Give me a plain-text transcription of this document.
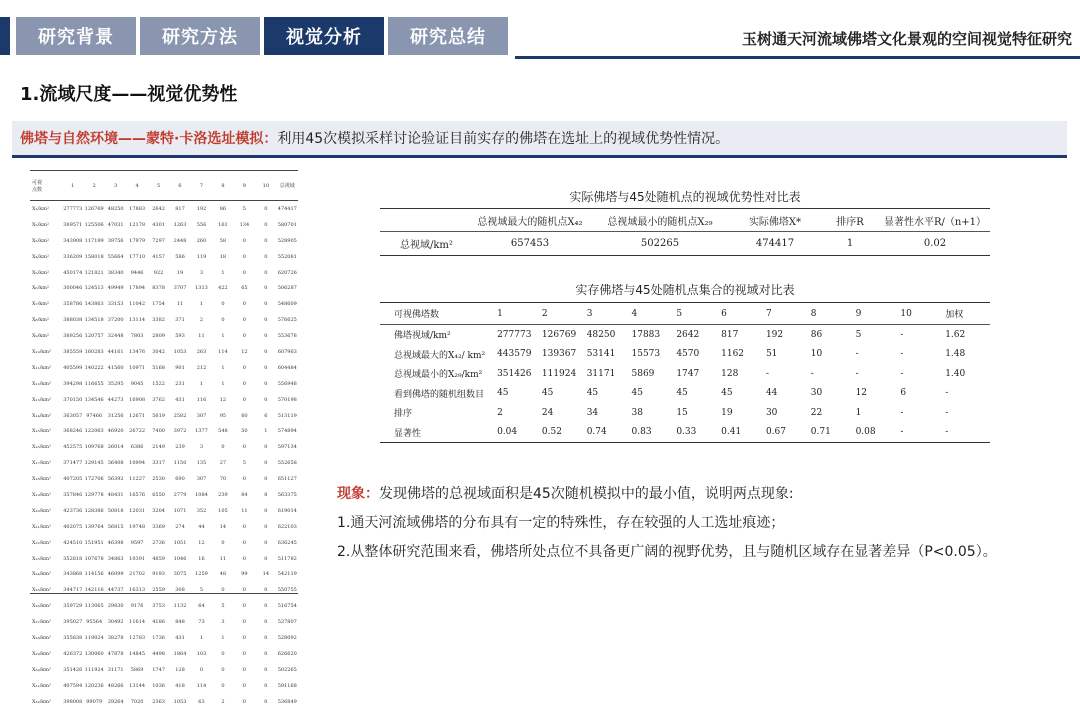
研究背景	研究方法	视觉分析	研究总结	玉树通天河流域佛塔文化景观的空间视觉特征研究
1.流域尺度——视觉优势性
佛塔与自然环境——蒙特·卡洛选址模拟： 利用45次模拟采样讨论验证目前实存的佛塔在选址上的视域优势性情况。
可视
点数
1	2	3	4	5	6	7	8	9	10	总视域
X₁/km²	277773 126769 48250	17883	2642	817	192	86	5	0	474417
X₂/km²	389571 125506 47031	12178	4301	1263	556	161	134	0	580701
X₃/km²	343908 117199 39756	17979	7297	2448	260	58	0	0	528905
X₄/km²	336209 158018 55664	17710	4157	586	119	18	0	0	552081
X₅/km²	450174 121821 38340	9446	922	19	3	1	0	0	620726
X₆/km²	300046 124513 49949	17894	8378	3707	1313	422	65	0	506287
X₇/km²	358786 143863 33153	11042	1754	11	1	0	0	0	548609
X₈/km²	388038 134518 37200	13114	3382	371	2	0	0	0	576625
X₉/km²	389256 120757 32448	7803	2809	593	11	1	0	0	553678
X₁₀/km²	385559 160283 44161	13476	3042	1053	263	114	12	0	607963
X₁₁/km²	405599 140222 41560	10971	5168	901	212	1	0	0	604484
X₁₂/km²	394298 116655 35295	9045	1522	231	1	1	0	0	556948
X₁₃/km²	370150 134546 44273	16908	3762	431	116	12	0	0	570198
X₁₄/km²	363057 97466	31256	12671	5619	2582	307	95	60	6	513119
X₁₅/km²	368246 122063 46920	26722	7400	3972	1377	548	50	1	574894
X₁₆/km²	452575 109768 26014	6386	2149	239	3	0	0	0	597134
X₁₇/km²	371477 129145 36408	10994	3317	1150	135	27	5	0	552658
X₁₈/km²	407205 172706 56392	11227	2530	690	307	70	0	0	651127
X₁₉/km²	357846 129778 48431	16576	6550	2779	1084	239	84	8	563375
X₂₀/km²	423736 128386 50818	12031	3204	1071	352	105	11	0	619014
X₂₁/km²	402075 139764 56815	19748	3369	274	44	14	0	0	622103
X₂₂/km²	424510 151951 46398	9597	2736	1051	12	0	0	0	636245
X₂₃/km²	352818 107678 34863	10391	4859	1046	16	11	0	0	511782
X₂₄/km²	343868 114156 46099	21702	9193	3075	1259	48	99	14	542119
X₂₅/km²	344717 142116 44737	16313	2559	308	5	0	0	0	550755
X₂₆/km²	359729 113065 29830	9176	3753	1132	64	5	0	0	516754
X₂₇/km²	395027 95564	30492	11614	4186	848	73	3	0	0	537807
X₂₈/km²	355838 119024 38278	12783	1736	431	1	1	0	0	528092
X₂₉/km²	426372 130060 47878	14845	4498	1864	103	0	0	0	626620
X₃₀/km²	351426 111924 31171	5869	1747	128	0	0	0	0	502265
X₃₁/km²	407594 120236 48266	13144	1036	418	114	0	0	0	591168
X₃₂/km²	398008 99079	29264	7020	2363	1053	63	2	0	0	536849
实际佛塔与45处随机点的视域优势性对比表
总视域最大的随机点X₄₂	总视域最小的随机点X₂₉	实际佛塔X*	排序R	显著性水平R/（n+1）
总视域/km²	657453	502265	474417	1	0.02
实存佛塔与45处随机点集合的视域对比表
可视佛塔数	1	2	3	4	5	6	7	8	9	10	加权
佛塔视域/km²	277773	126769	48250	17883	2642	817	192	86	5	-	1.62
总视域最大的X₄₂/ km²	443579	139367	53141	15573	4570	1162	51	10	-	-	1.48
总视域最小的X₂₉/km²	351426	111924	31171	5869	1747	128	-	-	-	-	1.40
看到佛塔的随机组数目	45	45	45	45	45	45	44	30	12	6	-
排序	2	24	34	38	15	19	30	22	1	-	-
显著性	0.04	0.52	0.74	0.83	0.33	0.41	0.67	0.71	0.08	-	-
现象：发现佛塔的总视域面积是45次随机模拟中的最小值，说明两点现象:
1.通天河流域佛塔的分布具有一定的特殊性，存在较强的人工选址痕迹；
2.从整体研究范围来看，佛塔所处点位不具备更广阔的视野优势，且与随机区域存在显著差异（P<0.05）。
